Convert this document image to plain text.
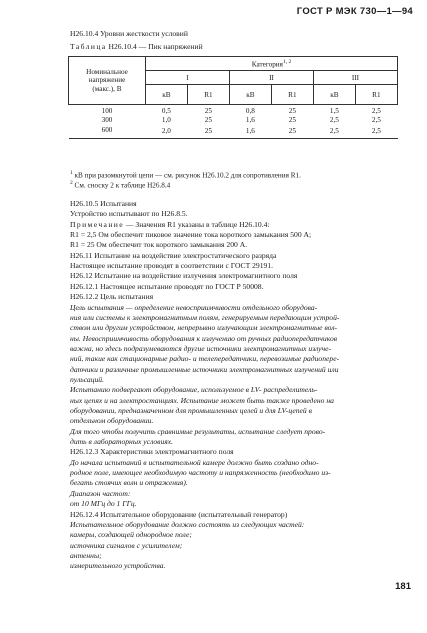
ГОСТ Р МЭК 730—1—94
Н26.10.4 Уровни жесткости условий
Таблица Н26.10.4 — Пик напряжений
Номинальное
напряжение
(макс.), В	Категория$^{1, 2}$
	I		II		III	
	кВ	R1	кВ	R1	кВ	R1

100	0,5	25	0,8	25	1,5	2,5
300	1,0	25	1,6	25	2,5	2,5
600	2,0	25	1,6	25	2,5	2,5
$^1$ кВ при разомкнутой цепи — см. рисунок Н26.10.2 для сопротивления R1.
$^2$ См. сноску 2 к таблице Н26.8.4
Н26.10.5 Испытания
Устройство испытывают по Н26.8.5.
Примечание — Значения R1 указаны в таблице Н26.10.4:
R1 = 2,5 Ом обеспечит пиковое значение тока короткого замыкания 500 А;
R1 = 25 Ом обеспечит ток короткого замыкания 200 А.
Н26.11 Испытание на воздействие электростатического разряда
Настоящее испытание проводят в соответствии с ГОСТ 29191.
Н26.12 Испытание на воздействие излучения электромагнитного поля
Н26.12.1 Настоящее испытание проводят по ГОСТ Р 50008.
Н26.12.2 Цель испытания
Цель испытания — определение невосприимчивости отдельного оборудова-
ния или системы к электромагнитным полям, генерируемым передающим устрой-
ством или другим устройством, непрерывно излучающим электромагнитные вол-
ны. Невосприимчивость оборудования к излучению от ручных радиопередатчиков
важна, но здесь подразумеваются другие источники электромагнитных излуче-
ний, такие как стационарные радио- и телепередатчики, перевозимые радиопере-
датчики и различные промышленные источники электромагнитных излучений или
пульсаций.
Испытанию подвергают оборудование, используемое в LV- распределитель-
ных цепях и на электростанциях. Испытание может быть также проведено на
оборудовании, предназначенном для промышленных целей и для LV-цепей в
отдельном оборудовании.
Для того чтобы получить сравнимые результаты, испытание следует прово-
дить в лабораторных условиях.
Н26.12.3 Характеристики электромагнитного поля
До начала испытаний в испытательной камере должно быть создано одно-
родное поле, имеющее необходимую частоту и напряженность (необходимо из-
бегать стоячих волн и отражения).
Диапазон частот:
от 10 МГц до 1 ГГц.
Н26.12.4 Испытательное оборудование (испытательный генератор)
Испытательное оборудование должно состоять из следующих частей:
камеры, создающей однородное поле;
источника сигналов с усилителем;
антенны;
измерительного устройства.
181
